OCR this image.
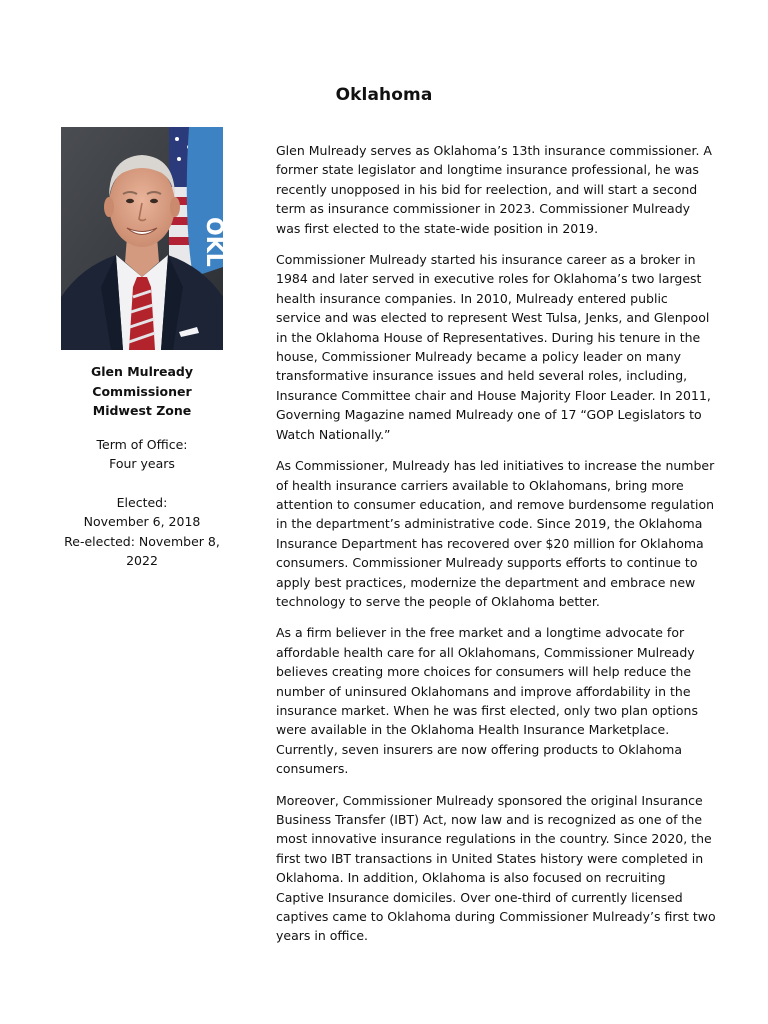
Oklahoma
OKL
Glen Mulready
Commissioner
Midwest Zone
Term of Office:
Four years
Elected:
November 6, 2018
Re-elected: November 8,
2022

Glen Mulready serves as Oklahoma’s 13th insurance commissioner. A former state legislator and longtime insurance professional, he was recently unopposed in his bid for reelection, and will start a second term as insurance commissioner in 2023. Commissioner Mulready was first elected to the state-wide position in 2019.

Commissioner Mulready started his insurance career as a broker in 1984 and later served in executive roles for Oklahoma’s two largest health insurance companies. In 2010, Mulready entered public service and was elected to represent West Tulsa, Jenks, and Glenpool in the Oklahoma House of Representatives. During his tenure in the house, Commissioner Mulready became a policy leader on many transformative insurance issues and held several roles, including, Insurance Committee chair and House Majority Floor Leader. In 2011, Governing Magazine named Mulready one of 17 “GOP Legislators to Watch Nationally.”

As Commissioner, Mulready has led initiatives to increase the number of health insurance carriers available to Oklahomans, bring more attention to consumer education, and remove burdensome regulation in the department’s administrative code. Since 2019, the Oklahoma Insurance Department has recovered over $20 million for Oklahoma consumers. Commissioner Mulready supports efforts to continue to apply best practices, modernize the department and embrace new technology to serve the people of Oklahoma better.

As a firm believer in the free market and a longtime advocate for affordable health care for all Oklahomans, Commissioner Mulready believes creating more choices for consumers will help reduce the number of uninsured Oklahomans and improve affordability in the insurance market. When he was first elected, only two plan options were available in the Oklahoma Health Insurance Marketplace. Currently, seven insurers are now offering products to Oklahoma consumers.

Moreover, Commissioner Mulready sponsored the original Insurance Business Transfer (IBT) Act, now law and is recognized as one of the most innovative insurance regulations in the country. Since 2020, the first two IBT transactions in United States history were completed in Oklahoma. In addition, Oklahoma is also focused on recruiting Captive Insurance domiciles. Over one-third of currently licensed captives came to Oklahoma during Commissioner Mulready’s first two years in office.
